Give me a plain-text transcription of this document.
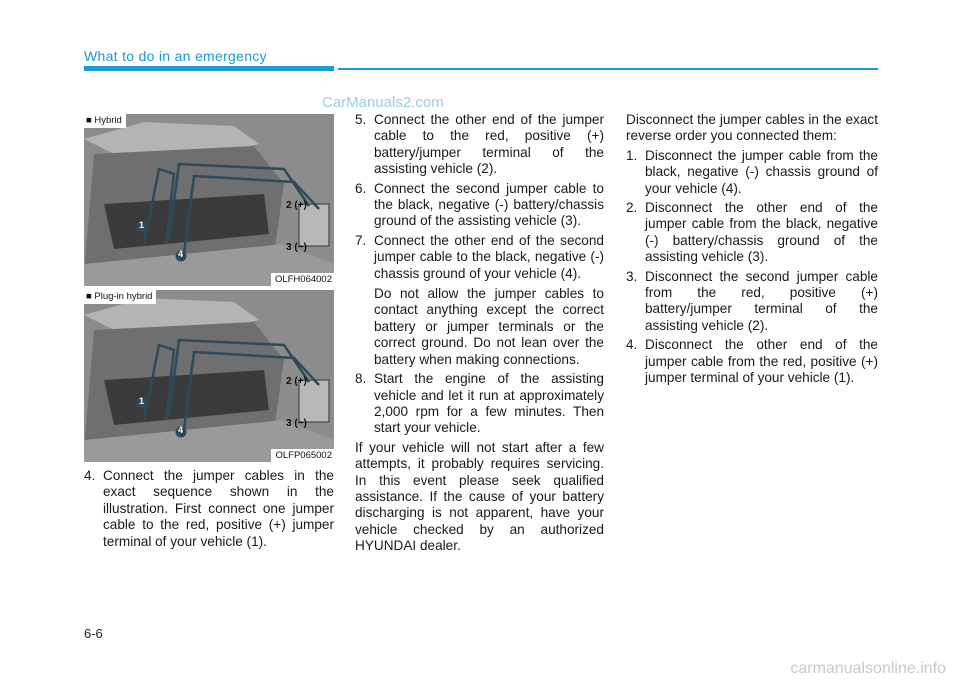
What to do in an emergency
CarManuals2.com
■ Hybrid
2 (+)
3 (−)
1
4
OLFH064002
■ Plug-in hybrid
2 (+)
3 (−)
1
4
OLFP065002
4. Connect the jumper cables in the exact sequence shown in the illustration. First connect one jumper cable to the red, positive (+) jumper terminal of your vehicle (1).
5. Connect the other end of the jumper cable to the red, positive (+) battery/jumper terminal of the assisting vehicle (2).
6. Connect the second jumper cable to the black, negative (-) battery/chassis ground of the assisting vehicle (3).
7. Connect the other end of the second jumper cable to the black, negative (-) chassis ground of your vehicle (4).
Do not allow the jumper cables to contact anything except the correct battery or jumper terminals or the correct ground. Do not lean over the battery when making connections.
8. Start the engine of the assisting vehicle and let it run at approximately 2,000 rpm for a few minutes. Then start your vehicle.

If your vehicle will not start after a few attempts, it probably requires servicing. In this event please seek qualified assistance. If the cause of your battery discharging is not apparent, have your vehicle checked by an authorized HYUNDAI dealer.

Disconnect the jumper cables in the exact reverse order you connected them:

1. Disconnect the jumper cable from the black, negative (-) chassis ground of your vehicle (4).
2. Disconnect the other end of the jumper cable from the black, negative (-) battery/chassis ground of the assisting vehicle (3).
3. Disconnect the second jumper cable from the red, positive (+) battery/jumper terminal of the assisting vehicle (2).
4. Disconnect the other end of the jumper cable from the red, positive (+) jumper terminal of your vehicle (1).
6-6
carmanualsonline.info
